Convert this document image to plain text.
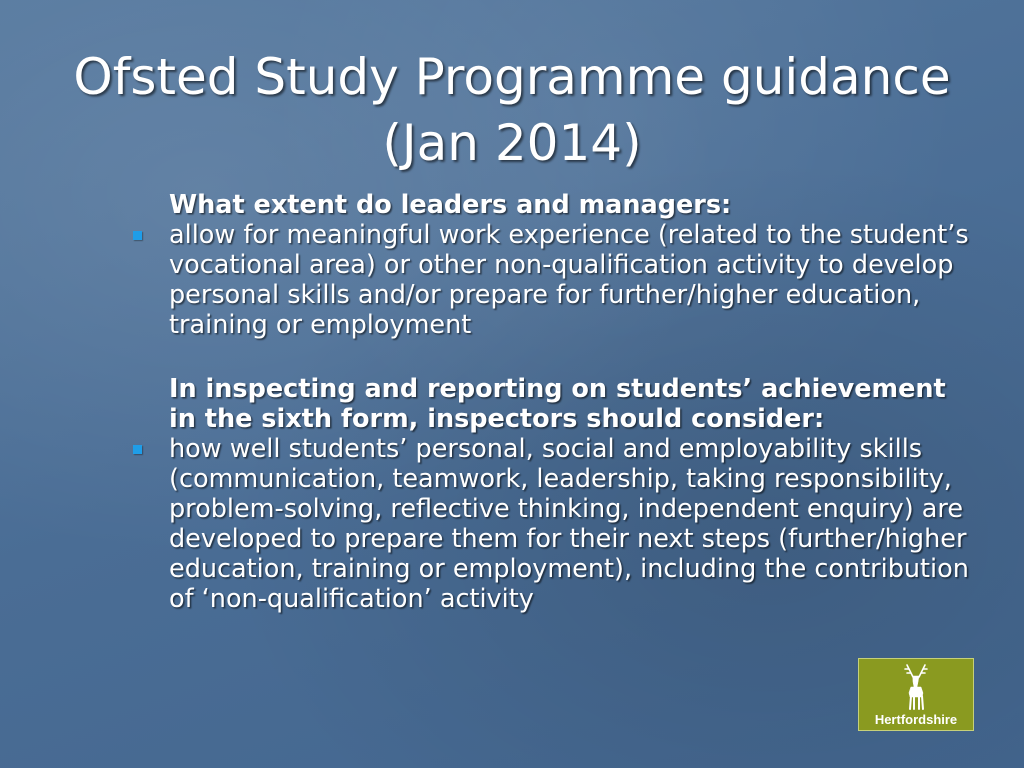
Ofsted Study Programme guidance
(Jan 2014)
What extent do leaders and managers:
allow for meaningful work experience (related to the student’s vocational area) or other non-qualification activity to develop personal skills and/or prepare for further/higher education, training or employment
In inspecting and reporting on students’ achievement in the sixth form, inspectors should consider:
how well students’ personal, social and employability skills (communication, teamwork, leadership, taking responsibility, problem-solving, reflective thinking, independent enquiry) are developed to prepare them for their next steps (further/higher education, training or employment), including the contribution of ‘non-qualification’ activity
Hertfordshire
